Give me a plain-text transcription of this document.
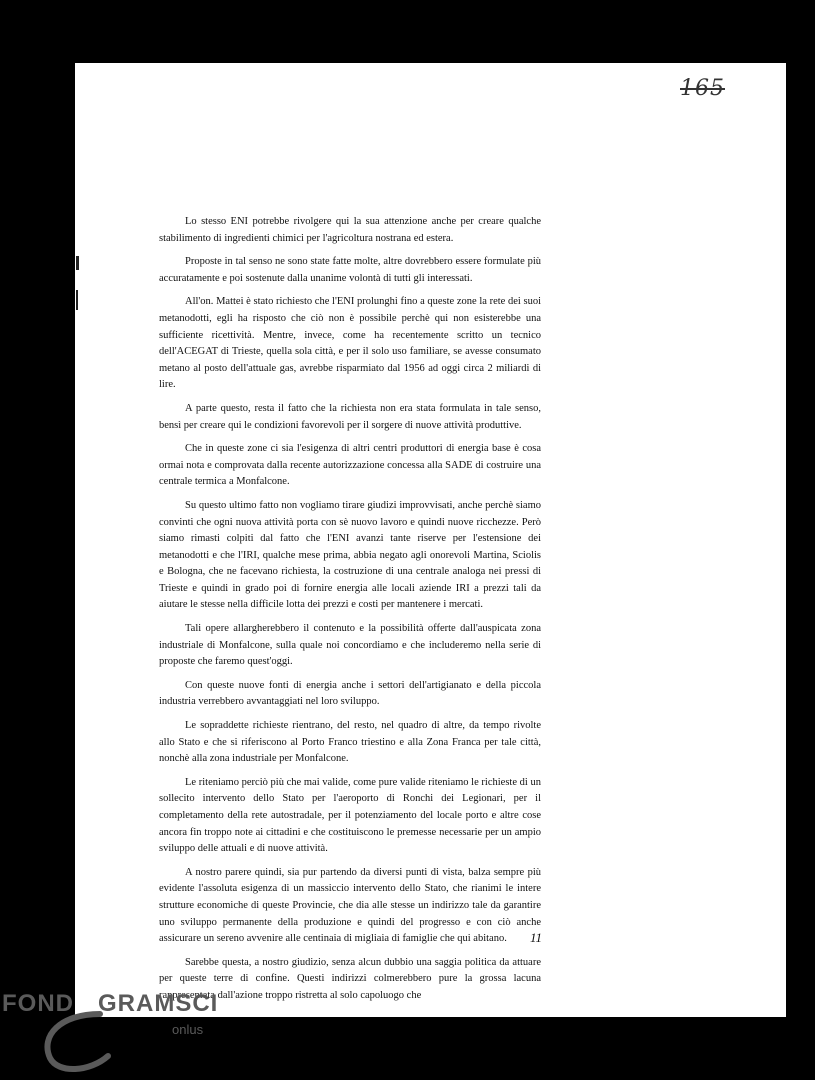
165

Lo stesso ENI potrebbe rivolgere qui la sua attenzione anche per creare qualche stabilimento di ingredienti chimici per l'agricoltura nostrana ed estera.

Proposte in tal senso ne sono state fatte molte, altre dovrebbero essere formulate più accuratamente e poi sostenute dalla unanime volontà di tutti gli interessati.

All'on. Mattei è stato richiesto che l'ENI prolunghi fino a queste zone la rete dei suoi metanodotti, egli ha risposto che ciò non è possibile perchè qui non esisterebbe una sufficiente ricettività. Mentre, invece, come ha recentemente scritto un tecnico dell'ACEGAT di Trieste, quella sola città, e per il solo uso familiare, se avesse consumato metano al posto dell'attuale gas, avrebbe risparmiato dal 1956 ad oggi circa 2 miliardi di lire.

A parte questo, resta il fatto che la richiesta non era stata formulata in tale senso, bensì per creare qui le condizioni favorevoli per il sorgere di nuove attività produttive.

Che in queste zone ci sia l'esigenza di altri centri produttori di energia base è cosa ormai nota e comprovata dalla recente autorizzazione concessa alla SADE di costruire una centrale termica a Monfalcone.

Su questo ultimo fatto non vogliamo tirare giudizi improvvisati, anche perchè siamo convinti che ogni nuova attività porta con sè nuovo lavoro e quindi nuove ricchezze. Però siamo rimasti colpiti dal fatto che l'ENI avanzi tante riserve per l'estensione dei metanodotti e che l'IRI, qualche mese prima, abbia negato agli onorevoli Martina, Sciolis e Bologna, che ne facevano richiesta, la costruzione di una centrale analoga nei pressi di Trieste e quindi in grado poi di fornire energia alle locali aziende IRI a prezzi tali da aiutare le stesse nella difficile lotta dei prezzi e costi per mantenere i mercati.

Tali opere allargherebbero il contenuto e la possibilità offerte dall'auspicata zona industriale di Monfalcone, sulla quale noi concordiamo e che includeremo nella serie di proposte che faremo quest'oggi.

Con queste nuove fonti di energia anche i settori dell'artigianato e della piccola industria verrebbero avvantaggiati nel loro sviluppo.

Le sopraddette richieste rientrano, del resto, nel quadro di altre, da tempo rivolte allo Stato e che si riferiscono al Porto Franco triestino e alla Zona Franca per tale città, nonchè alla zona industriale per Monfalcone.

Le riteniamo perciò più che mai valide, come pure valide riteniamo le richieste di un sollecito intervento dello Stato per l'aeroporto di Ronchi dei Legionari, per il completamento della rete autostradale, per il potenziamento del locale porto e altre cose ancora fin troppo note ai cittadini e che costituiscono le premesse necessarie per un ampio sviluppo delle attuali e di nuove attività.

A nostro parere quindi, sia pur partendo da diversi punti di vista, balza sempre più evidente l'assoluta esigenza di un massiccio intervento dello Stato, che rianimi le intere strutture economiche di queste Provincie, che dia alle stesse un indirizzo tale da garantire uno sviluppo permanente della produzione e quindi del progresso e con ciò anche assicurare un sereno avvenire alle centinaia di migliaia di famiglie che qui abitano.

Sarebbe questa, a nostro giudizio, senza alcun dubbio una saggia politica da attuare per queste terre di confine. Questi indirizzi colmerebbero pure la grossa lacuna rappresentata dall'azione troppo ristretta al solo capoluogo che

11
FOND GRAMSCI
onlus
